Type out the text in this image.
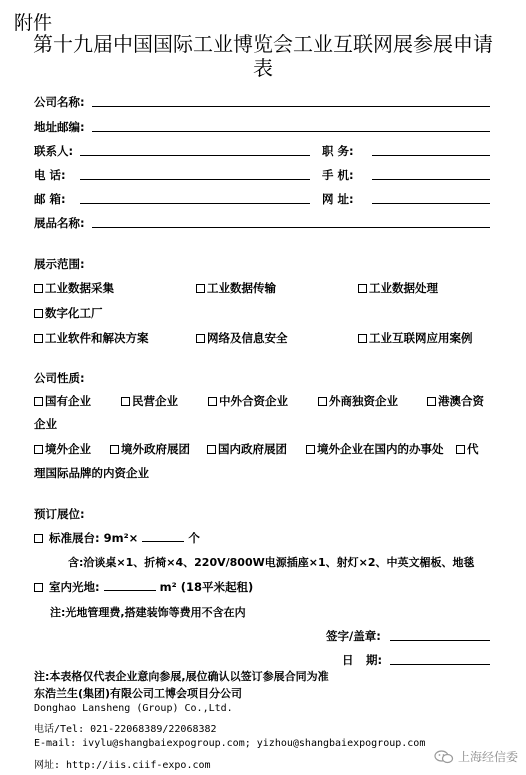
附件
第十九届中国国际工业博览会工业互联网展参展申请
表
公司名称:
地址邮编:
联系人:	职 务:
电 话:	手 机:
邮 箱:	网 址:
展品名称:
展示范围:
工业数据采集	工业数据传输	工业数据处理
数字化工厂
工业软件和解决方案	网络及信息安全	工业互联网应用案例
公司性质:
国有企业	民营企业	中外合资企业	外商独资企业	港澳合资
企业
境外企业	境外政府展团	国内政府展团	境外企业在国内的办事处	代
理国际品牌的内资企业
预订展位:
标准展台: 9m²×	个
含:洽谈桌×1、折椅×4、220V/800W电源插座×1、射灯×2、中英文楣板、地毯
室内光地:	m² (18平米起租)
注:光地管理费,搭建装饰等费用不含在内
签字/盖章:
日 期:
注:本表格仅代表企业意向参展,展位确认以签订参展合同为准
东浩兰生(集团)有限公司工博会项目分公司
Donghao Lansheng (Group) Co.,Ltd.
电话/Tel: 021-22068389/22068382
E-mail: ivylu@shangbaiexpogroup.com; yizhou@shangbaiexpogroup.com
网址: http://iis.ciif-expo.com
上海经信委
